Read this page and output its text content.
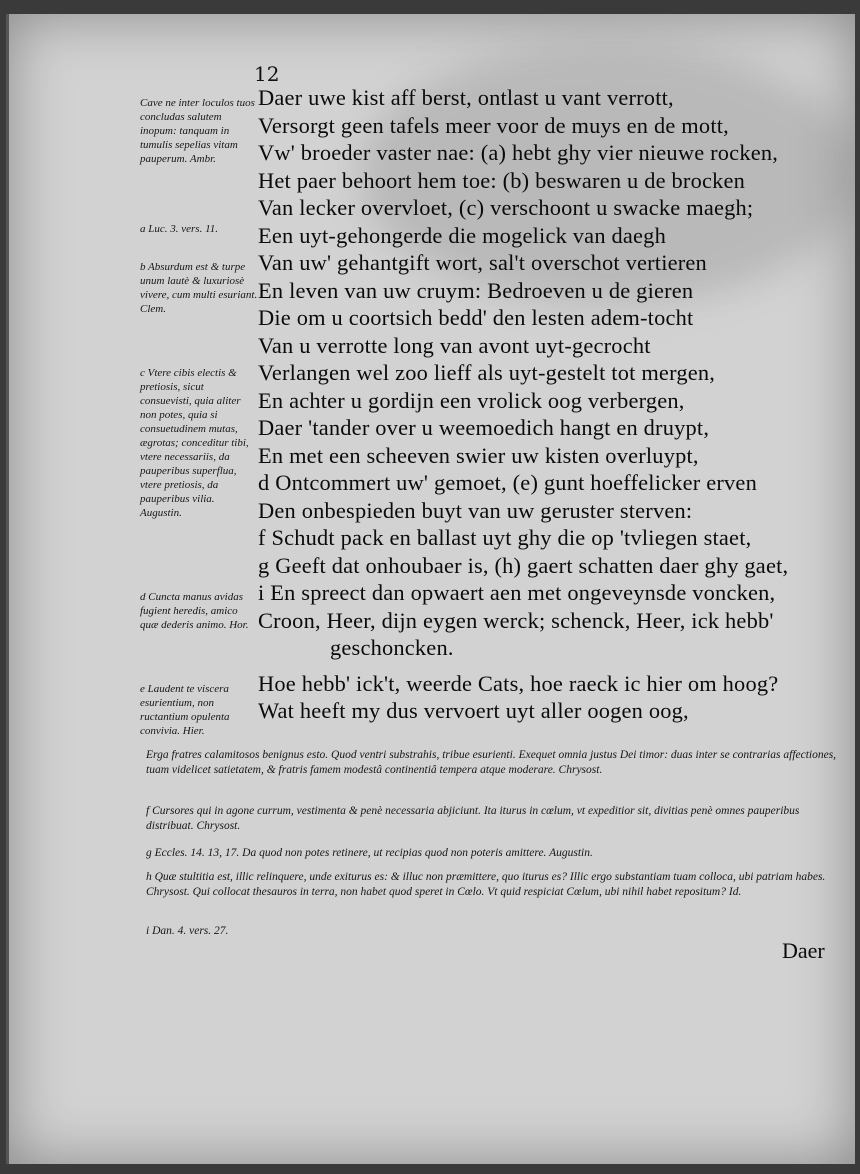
12
Daer uwe kist aff berst, ontlast u vant verrott,
Versorgt geen tafels meer voor de muys en de mott,
Vw' broeder vaster nae: (a) hebt ghy vier nieuwe rocken,
Het paer behoort hem toe: (b) beswaren u de brocken
Van lecker overvloet, (c) verschoont u swacke maegh;
Een uyt-gehongerde die mogelick van daegh
Van uw' gehantgift wort, sal't overschot vertieren
En leven van uw cruym: Bedroeven u de gieren
Die om u coortsich bedd' den lesten adem-tocht
Van u verrotte long van avont uyt-gecrocht
Verlangen wel zoo lieff als uyt-gestelt tot mergen,
En achter u gordijn een vrolick oog verbergen,
Daer 'tander over u weemoedich hangt en druypt,
En met een scheeven swier uw kisten overluypt,
d Ontcommert uw' gemoet, (e) gunt hoeffelicker erven
Den onbespieden buyt van uw geruster sterven:
f Schudt pack en ballast uyt ghy die op 'tvliegen staet,
g Geeft dat onhoubaer is, (h) gaert schatten daer ghy gaet,
i En spreect dan opwaert aen met ongeveynsde voncken,
Croon, Heer, dijn eygen werck; schenck, Heer, ick hebb'
geschoncken.
Hoe hebb' ick't, weerde Cats, hoe raeck ic hier om hoog?
Wat heeft my dus vervoert uyt aller oogen oog,
Cave ne inter loculos tuos concludas salutem inopum: tanquam in tumulis sepelias vitam pauperum. Ambr.
a Luc. 3. vers. 11.
b Absurdum est & turpe unum lautè & luxuriosè vivere, cum multi esuriant. Clem.
c Vtere cibis electis & pretiosis, sicut consuevisti, quia aliter non potes, quia si consuetudinem mutas, ægrotas; conceditur tibi, vtere necessariis, da pauperibus superflua, vtere pretiosis, da pauperibus vilia. Augustin.
d Cuncta manus avidas fugient heredis, amico quæ dederis animo. Hor.
e Laudent te viscera esurientium, non ructantium opulenta convivia. Hier.
Erga fratres calamitosos benignus esto. Quod ventri substrahis, tribue esurienti. Exequet omnia justus Dei timor: duas inter se contrarias affectiones, tuam videlicet satietatem, & fratris famem modestâ continentiâ tempera atque moderare. Chrysost.
f Cursores qui in agone currum, vestimenta & penè necessaria abjiciunt. Ita iturus in cœlum, vt expeditior sit, divitias penè omnes pauperibus distribuat. Chrysost.
g Eccles. 14. 13, 17. Da quod non potes retinere, ut recipias quod non poteris amittere. Augustin.
h Quæ stultitia est, illic relinquere, unde exiturus es: & illuc non præmittere, quo iturus es? Illic ergo substantiam tuam colloca, ubi patriam habes. Chrysost. Qui collocat thesauros in terra, non habet quod speret in Cœlo. Vt quid respiciat Cœlum, ubi nihil habet repositum? Id.
i Dan. 4. vers. 27.
Daer
